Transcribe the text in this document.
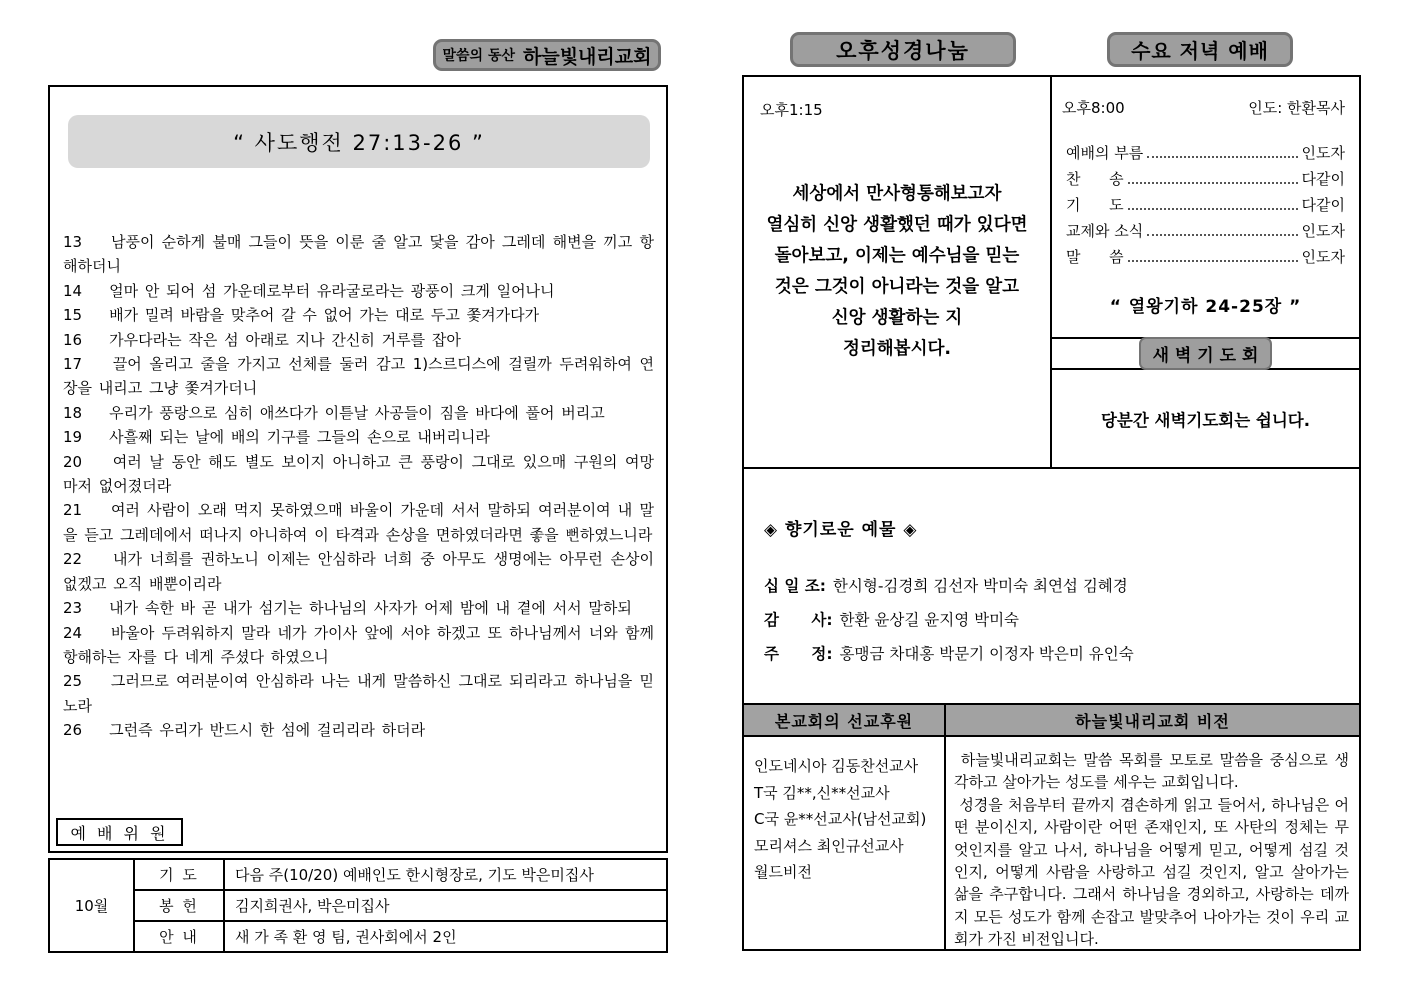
말씀의 동산 하늘빛내리교회	오후성경나눔	수요 저녁 예배
“ 사도행전 27:13-26 ”

13    남풍이 순하게 불매 그들이 뜻을 이룬 줄 알고 닻을 감아 그레데 해변을 끼고 항해하더니

14    얼마 안 되어 섬 가운데로부터 유라굴로라는 광풍이 크게 일어나니

15    배가 밀려 바람을 맞추어 갈 수 없어 가는 대로 두고 쫓겨가다가

16    가우다라는 작은 섬 아래로 지나 간신히 거루를 잡아

17    끌어 올리고 줄을 가지고 선체를 둘러 감고 1)스르디스에 걸릴까 두려워하여 연장을 내리고 그냥 쫓겨가더니

18    우리가 풍랑으로 심히 애쓰다가 이튿날 사공들이 짐을 바다에 풀어 버리고

19    사흘째 되는 날에 배의 기구를 그들의 손으로 내버리니라

20    여러 날 동안 해도 별도 보이지 아니하고 큰 풍랑이 그대로 있으매 구원의 여망마저 없어졌더라

21    여러 사람이 오래 먹지 못하였으매 바울이 가운데 서서 말하되 여러분이여 내 말을 듣고 그레데에서 떠나지 아니하여 이 타격과 손상을 면하였더라면 좋을 뻔하였느니라

22    내가 너희를 권하노니 이제는 안심하라 너희 중 아무도 생명에는 아무런 손상이 없겠고 오직 배뿐이리라

23    내가 속한 바 곧 내가 섬기는 하나님의 사자가 어제 밤에 내 곁에 서서 말하되

24    바울아 두려워하지 말라 네가 가이사 앞에 서야 하겠고 또 하나님께서 너와 함께 항해하는 자를 다 네게 주셨다 하였으니

25    그러므로 여러분이여 안심하라 나는 내게 말씀하신 그대로 되리라고 하나님을 믿노라

26    그런즉 우리가 반드시 한 섬에 걸리리라 하더라

예 배 위 원
10월	기 도	다음 주(10/20) 예배인도 한시형장로, 기도 박은미집사
	봉 헌	김지희권사, 박은미집사
	안 내	새 가 족 환 영 팀, 권사회에서 2인
오후1:15
세상에서 만사형통해보고자
열심히 신앙 생활했던 때가 있다면
돌아보고, 이제는 예수님을 믿는
것은 그것이 아니라는 것을 알고
신앙 생활하는 지
정리해봅시다.
오후8:00	인도: 한환목사
예배의 부름	인도자
찬      송	다같이
기      도	다같이
교제와 소식	인도자
말      씀	인도자
“ 열왕기하 24-25장 ”
새 벽 기 도 회
당분간 새벽기도회는 쉽니다.
◈ 향기로운 예물 ◈
십 일 조: 한시형-김경희 김선자 박미숙 최연섭 김혜경
감      사: 한환 윤상길 윤지영 박미숙
주      정: 홍맹금 차대홍 박문기 이정자 박은미 유인숙
본교회의 선교후원	하늘빛내리교회 비전
인도네시아 김동찬선교사
T국 김**,신**선교사
C국 윤**선교사(남선교회)
모리셔스 최인규선교사
월드비전

하늘빛내리교회는 말씀 목회를 모토로 말씀을 중심으로 생각하고 살아가는 성도를 세우는 교회입니다.

성경을 처음부터 끝까지 겸손하게 읽고 들어서, 하나님은 어떤 분이신지, 사람이란 어떤 존재인지, 또 사탄의 정체는 무엇인지를 알고 나서, 하나님을 어떻게 믿고, 어떻게 섬길 것인지, 어떻게 사람을 사랑하고 섬길 것인지, 알고 살아가는 삶을 추구합니다. 그래서 하나님을 경외하고, 사랑하는 데까지 모든 성도가 함께 손잡고 발맞추어 나아가는 것이 우리 교회가 가진 비전입니다.
